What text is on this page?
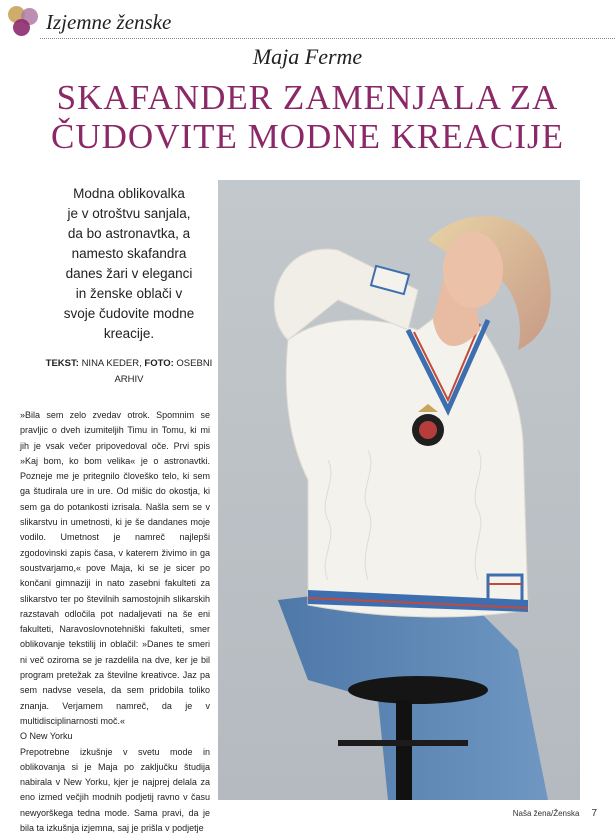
Izjemne ženske
Maja Ferme
SKAFANDER ZAMENJALA ZA
ČUDOVITE MODNE KREACIJE
Modna oblikovalka
je v otroštvu sanjala,
da bo astronavtka, a
namesto skafandra
danes žari v eleganci
in ženske oblači v
svoje čudovite modne
kreacije.
TEKST: NINA KEDER, FOTO: OSEBNI ARHIV

»Bila sem zelo zvedav otrok. Spomnim se pravljic o dveh izumiteljih Timu in Tomu, ki mi jih je vsak večer pripovedoval oče. Prvi spis »Kaj bom, ko bom velika« je o astronavtki. Pozneje me je pritegnilo človeško telo, ki sem ga študirala ure in ure. Od mišic do okostja, ki sem ga do potankosti izrisala. Našla sem se v slikarstvu in umetnosti, ki je še dandanes moje vodilo. Umetnost je namreč najlepši zgodovinski zapis časa, v katerem živimo in ga soustvarjamo,« pove Maja, ki se je sicer po končani gimnaziji in nato zasebni fakulteti za slikarstvo ter po številnih samostojnih slikarskih razstavah odločila pot nadaljevati na še eni fakulteti, Naravoslovnotehniški fakulteti, smer oblikovanje tekstilij in oblačil: »Danes te smeri ni več oziroma se je razdelila na dve, ker je bil program pretežak za številne kreativce. Jaz pa sem nadvse vesela, da sem pridobila toliko znanja. Verjamem namreč, da je v multidisciplinarnosti moč.«

O New Yorku

Prepotrebne izkušnje v svetu mode in oblikovanja si je Maja po zaključku študija nabirala v New Yorku, kjer je najprej delala za eno izmed večjih modnih podjetij ravno v času newyorškega tedna mode. Sama pravi, da je bila ta izkušnja izjemna, saj je prišla v podjetje

Naša žena/Ženska 7
